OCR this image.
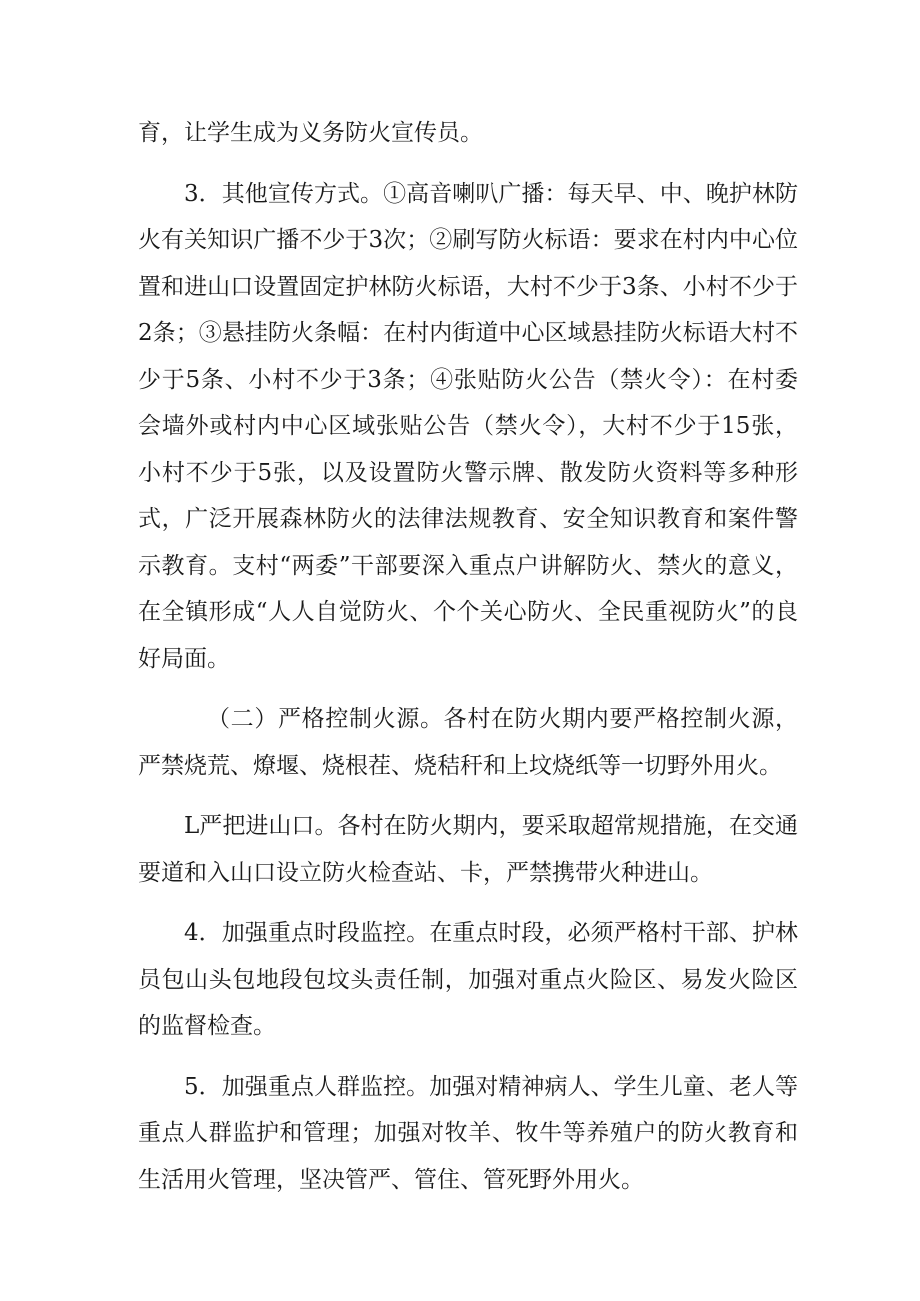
育，让学生成为义务防火宣传员。

3．其他宣传方式。①高音喇叭广播：每天早、中、晚护林防火有关知识广播不少于3次；②刷写防火标语：要求在村内中心位置和进山口设置固定护林防火标语，大村不少于3条、小村不少于2条；③悬挂防火条幅：在村内街道中心区域悬挂防火标语大村不少于5条、小村不少于3条；④张贴防火公告（禁火令）：在村委会墙外或村内中心区域张贴公告（禁火令），大村不少于15张，小村不少于5张，以及设置防火警示牌、散发防火资料等多种形式，广泛开展森林防火的法律法规教育、安全知识教育和案件警示教育。支村“两委”干部要深入重点户讲解防火、禁火的意义，在全镇形成“人人自觉防火、个个关心防火、全民重视防火”的良好局面。

（二）严格控制火源。各村在防火期内要严格控制火源，严禁烧荒、燎堰、烧根茬、烧秸秆和上坟烧纸等一切野外用火。

L严把进山口。各村在防火期内，要采取超常规措施，在交通要道和入山口设立防火检查站、卡，严禁携带火种进山。

4．加强重点时段监控。在重点时段，必须严格村干部、护林员包山头包地段包坟头责任制，加强对重点火险区、易发火险区的监督检查。

5．加强重点人群监控。加强对精神病人、学生儿童、老人等重点人群监护和管理；加强对牧羊、牧牛等养殖户的防火教育和生活用火管理，坚决管严、管住、管死野外用火。
